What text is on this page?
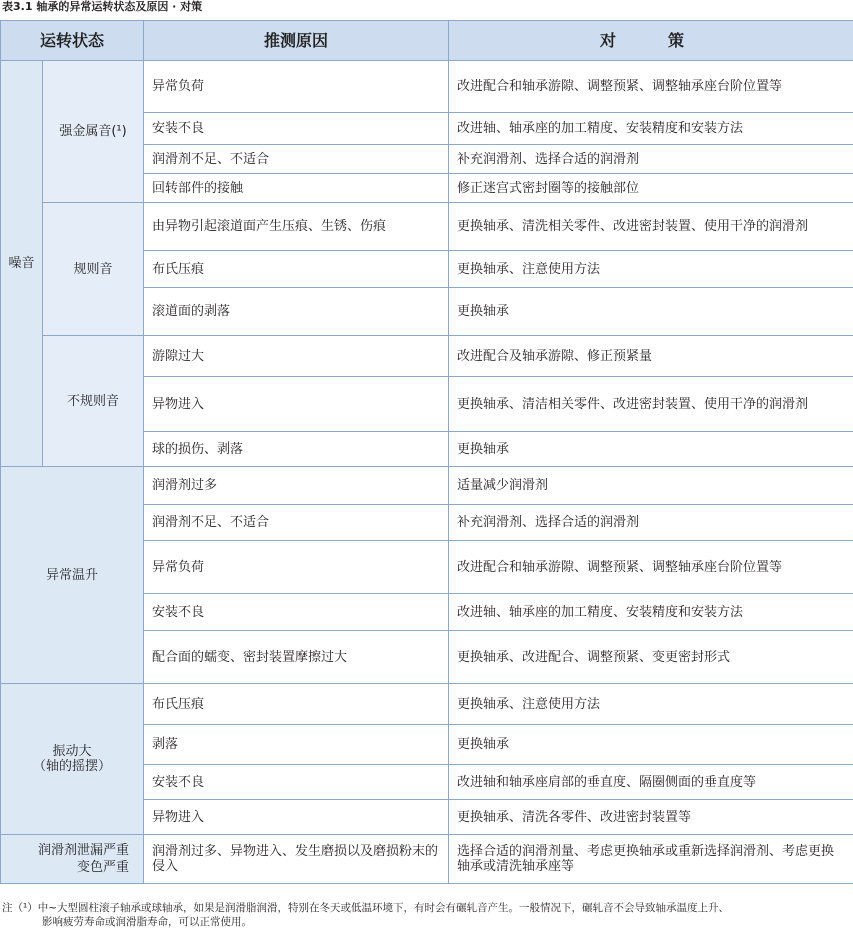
表3.1 轴承的异常运转状态及原因 · 对策
运转状态		推测原因	对　策
噪音	强金属音(¹)	异常负荷	改进配合和轴承游隙、调整预紧、调整轴承座台阶位置等
		安装不良	改进轴、轴承座的加工精度、安装精度和安装方法
		润滑剂不足、不适合	补充润滑剂、选择合适的润滑剂
		回转部件的接触	修正迷宫式密封圈等的接触部位
	规则音	由异物引起滚道面产生压痕、生锈、伤痕	更换轴承、清洗相关零件、改进密封装置、使用干净的润滑剂
		布氏压痕	更换轴承、注意使用方法
		滚道面的剥落	更换轴承
	不规则音	游隙过大	改进配合及轴承游隙、修正预紧量
		异物进入	更换轴承、清洁相关零件、改进密封装置、使用干净的润滑剂
		球的损伤、剥落	更换轴承
异常温升		润滑剂过多	适量减少润滑剂
		润滑剂不足、不适合	补充润滑剂、选择合适的润滑剂
		异常负荷	改进配合和轴承游隙、调整预紧、调整轴承座台阶位置等
		安装不良	改进轴、轴承座的加工精度、安装精度和安装方法
		配合面的蠕变、密封装置摩擦过大	更换轴承、改进配合、调整预紧、变更密封形式
振动大
（轴的摇摆）		布氏压痕	更换轴承、注意使用方法
		剥落	更换轴承
		安装不良	改进轴和轴承座肩部的垂直度、隔圈侧面的垂直度等
		异物进入	更换轴承、清洗各零件、改进密封装置等
润滑剂泄漏严重
变色严重		润滑剂过多、异物进入、发生磨损以及磨损粉末的侵入	选择合适的润滑剂量、考虑更换轴承或重新选择润滑剂、考虑更换轴承或清洗轴承座等
注（¹）中~大型圆柱滚子轴承或球轴承，如果是润滑脂润滑，特别在冬天或低温环境下，有时会有碾轧音产生。一般情况下，碾轧音不会导致轴承温度上升、
影响疲劳寿命或润滑脂寿命，可以正常使用。
